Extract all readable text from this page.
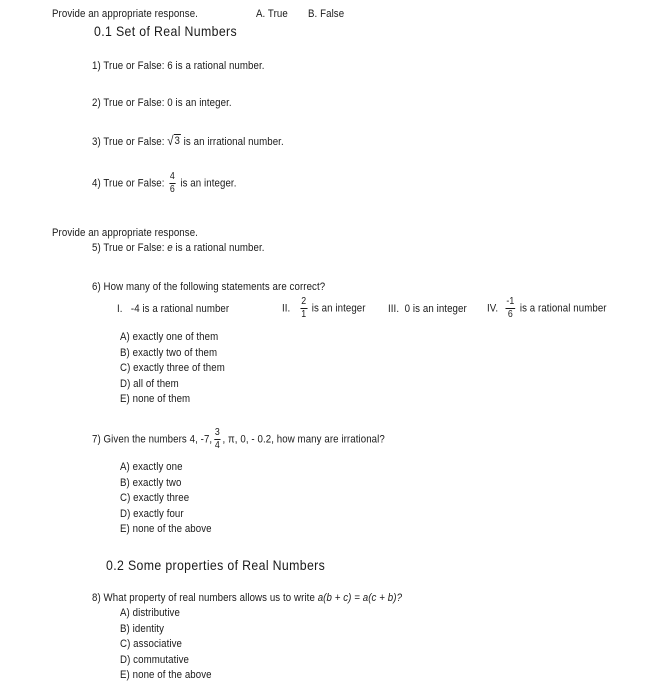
Provide an appropriate response.	A. True	B. False
0.1 Set of Real Numbers
1) True or False: 6 is a rational number.
2) True or False: 0 is an integer.
3) True or False: √ 3 is an irrational number.
4) True or False: $\frac{4}{6}$ is an integer.
Provide an appropriate response.
5) True or False: e is a rational number.
6) How many of the following statements are correct?
I. -4 is a rational number	II. $\frac{2}{1}$ is an integer	III. 0 is an integer	IV. $\frac{-1}{6}$ is a rational number
A) exactly one of them
B) exactly two of them
C) exactly three of them
D) all of them
E) none of them
7) Given the numbers 4, -7, $\frac{3}{4}$ , π, 0, - 0.2, how many are irrational?
A) exactly one
B) exactly two
C) exactly three
D) exactly four
E) none of the above
0.2 Some properties of Real Numbers
8) What property of real numbers allows us to write a(b + c) = a(c + b)?
A) distributive
B) identity
C) associative
D) commutative
E) none of the above
